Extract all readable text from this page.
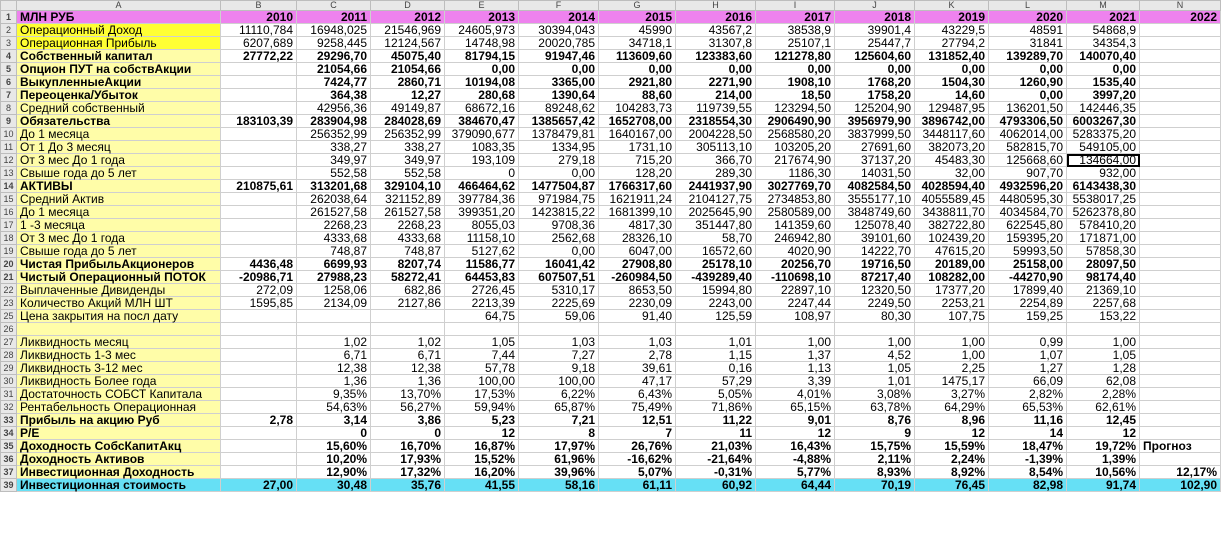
	A	B	C	D	E	F	G	H	I	J	K	L	M	N
1	МЛН РУБ	2010	2011	2012	2013	2014	2015	2016	2017	2018	2019	2020	2021	2022
2	Операционный Доход	11110,784	16948,025	21546,969	24605,973	30394,043	45990	43567,2	38538,9	39901,4	43229,5	48591	54868,9	
3	Операционная Прибыль	6207,689	9258,445	12124,567	14748,98	20020,785	34718,1	31307,8	25107,1	25447,7	27794,2	31841	34354,3	
4	Собственный капитал	27772,22	29296,70	45075,40	81794,15	91947,46	113609,60	123383,60	121278,80	125604,60	131852,40	139289,70	140070,40	
5	Опцион ПУТ на собствАкции		21054,66	21054,66	0,00	0,00	0,00	0,00	0,00	0,00	0,00	0,00	0,00	
6	ВыкупленныеАкции		7424,77	2860,71	10194,08	3365,00	2921,80	2271,90	1908,10	1768,20	1504,30	1260,90	1535,40	
7	Переоценка/Убыток		364,38	12,27	280,68	1390,64	88,60	214,00	18,50	1758,20	14,60	0,00	3997,20	
8	Средний собственный		42956,36	49149,87	68672,16	89248,62	104283,73	119739,55	123294,50	125204,90	129487,95	136201,50	142446,35	
9	Обязательства	183103,39	283904,98	284028,69	384670,47	1385657,42	1652708,00	2318554,30	2906490,90	3956979,90	3896742,00	4793306,50	6003267,30	
10	До 1 месяца		256352,99	256352,99	379090,677	1378479,81	1640167,00	2004228,50	2568580,20	3837999,50	3448117,60	4062014,00	5283375,20	
11	От 1 До 3 месяц		338,27	338,27	1083,35	1334,95	1731,10	305113,10	103205,20	27691,60	382073,20	582815,70	549105,00	
12	От 3 мес До 1 года		349,97	349,97	193,109	279,18	715,20	366,70	217674,90	37137,20	45483,30	125668,60	134664,00	
13	Свыше года до 5 лет		552,58	552,58	0	0,00	128,20	289,30	1186,30	14031,50	32,00	907,70	932,00	
14	АКТИВЫ	210875,61	313201,68	329104,10	466464,62	1477504,87	1766317,60	2441937,90	3027769,70	4082584,50	4028594,40	4932596,20	6143438,30	
15	Средний Актив		262038,64	321152,89	397784,36	971984,75	1621911,24	2104127,75	2734853,80	3555177,10	4055589,45	4480595,30	5538017,25	
16	До 1 месяца		261527,58	261527,58	399351,20	1423815,22	1681399,10	2025645,90	2580589,00	3848749,60	3438811,70	4034584,70	5262378,80	
17	1 -3 месяца		2268,23	2268,23	8055,03	9708,36	4817,30	351447,80	141359,60	125078,40	382722,80	622545,80	578410,20	
18	От 3 мес До 1 года		4333,68	4333,68	11158,10	2562,68	28326,10	58,70	246942,80	39101,60	102439,20	159395,20	171871,00	
19	Свыше года до 5 лет		748,87	748,87	5127,62	0,00	6047,00	16572,60	4020,90	14222,70	47615,20	59993,50	57858,30	
20	Чистая ПрибыльАкционеров	4436,48	6699,93	8207,74	11586,77	16041,42	27908,80	25178,10	20256,70	19716,50	20189,00	25158,00	28097,50	
21	Чистый Операционный ПОТОК	-20986,71	27988,23	58272,41	64453,83	607507,51	-260984,50	-439289,40	-110698,10	87217,40	108282,00	-44270,90	98174,40	
22	Выплаченные Дивиденды	272,09	1258,06	682,86	2726,45	5310,17	8653,50	15994,80	22897,10	12320,50	17377,20	17899,40	21369,10	
23	Количество Акций МЛН ШТ	1595,85	2134,09	2127,86	2213,39	2225,69	2230,09	2243,00	2247,44	2249,50	2253,21	2254,89	2257,68	
25	Цена закрытия на посл дату				64,75	59,06	91,40	125,59	108,97	80,30	107,75	159,25	153,22	
26														
27	Ликвидность месяц		1,02	1,02	1,05	1,03	1,03	1,01	1,00	1,00	1,00	0,99	1,00	
28	Ликвидность 1-3 мес		6,71	6,71	7,44	7,27	2,78	1,15	1,37	4,52	1,00	1,07	1,05	
29	Ликвидность 3-12 мес		12,38	12,38	57,78	9,18	39,61	0,16	1,13	1,05	2,25	1,27	1,28	
30	Ликвидность Более года		1,36	1,36	100,00	100,00	47,17	57,29	3,39	1,01	1475,17	66,09	62,08	
31	Достаточность СОБСТ Капитала		9,35%	13,70%	17,53%	6,22%	6,43%	5,05%	4,01%	3,08%	3,27%	2,82%	2,28%	
32	Рентабельность Операционная		54,63%	56,27%	59,94%	65,87%	75,49%	71,86%	65,15%	63,78%	64,29%	65,53%	62,61%	
33	Прибыль на акцию Руб	2,78	3,14	3,86	5,23	7,21	12,51	11,22	9,01	8,76	8,96	11,16	12,45	
34	P/E		0	0	12	8	7	11	12	9	12	14	12	
35	Доходность СобсКапитАкц		15,60%	16,70%	16,87%	17,97%	26,76%	21,03%	16,43%	15,75%	15,59%	18,47%	19,72%	Прогноз
36	Доходность Активов		10,20%	17,93%	15,52%	61,96%	-16,62%	-21,64%	-4,88%	2,11%	2,24%	-1,39%	1,39%	
37	Инвестиционная Доходность		12,90%	17,32%	16,20%	39,96%	5,07%	-0,31%	5,77%	8,93%	8,92%	8,54%	10,56%	12,17%
39	Инвестиционная стоимость	27,00	30,48	35,76	41,55	58,16	61,11	60,92	64,44	70,19	76,45	82,98	91,74	102,90
